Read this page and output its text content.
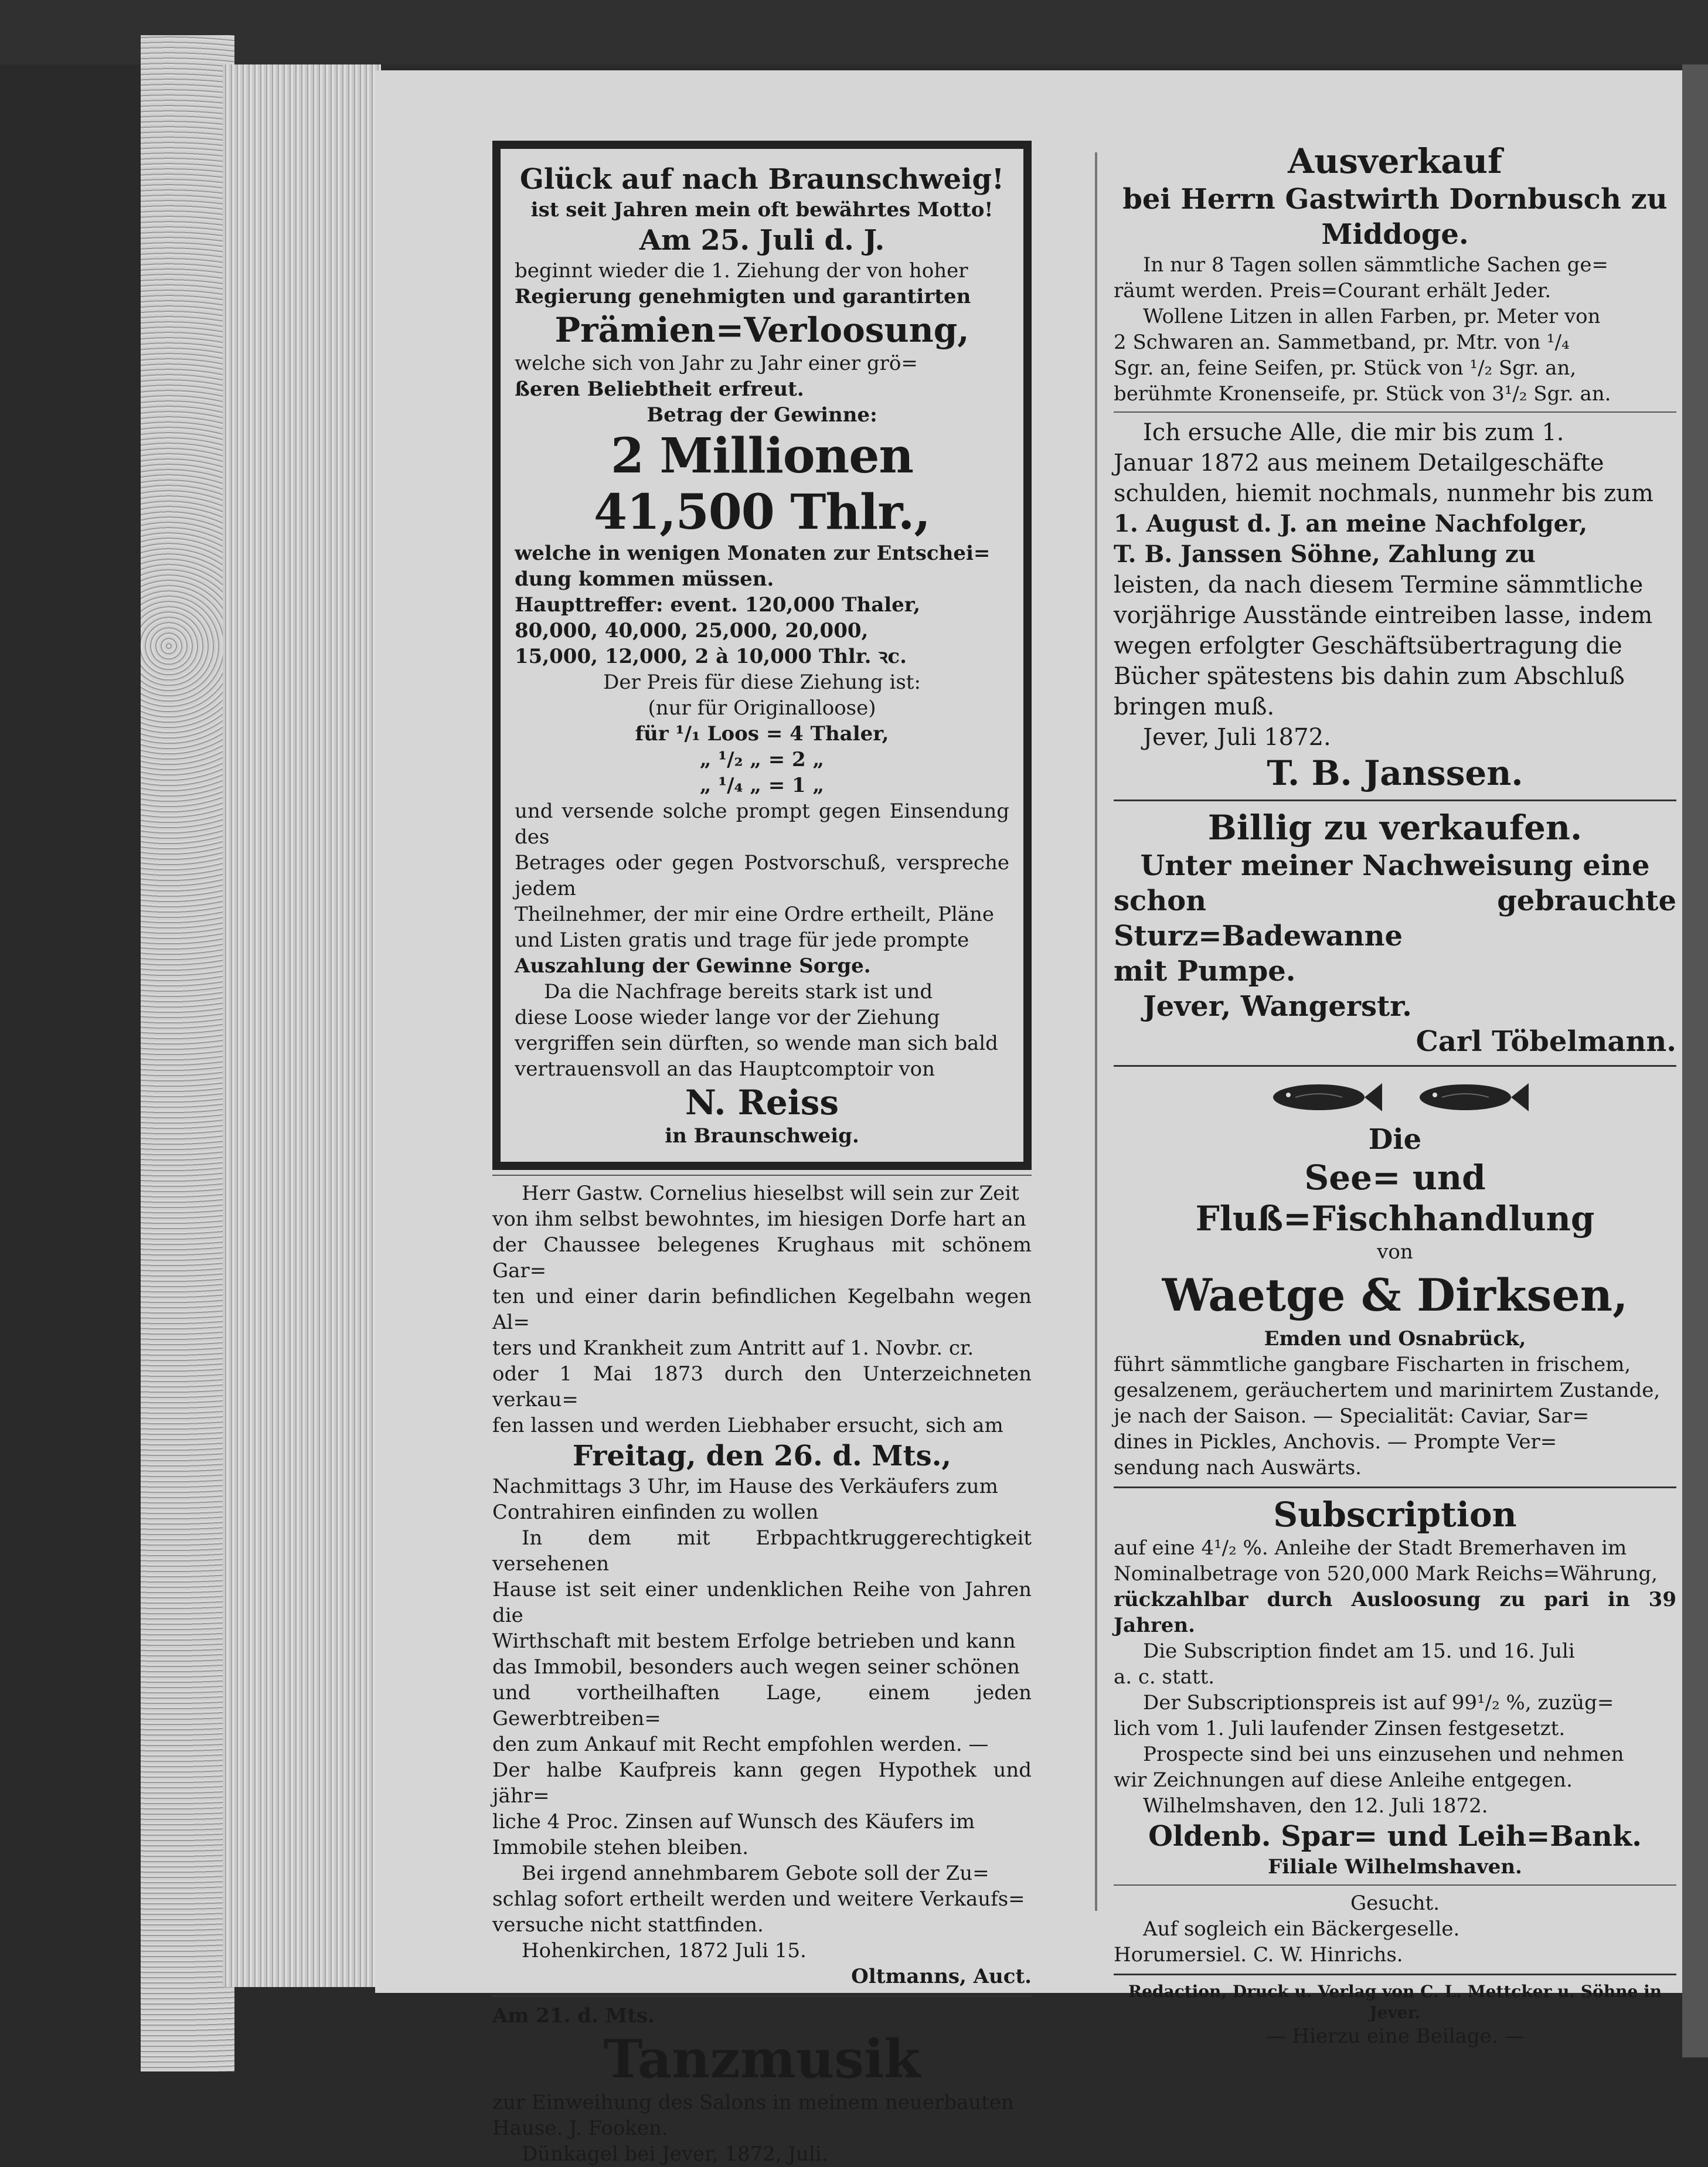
Glück auf nach Braunschweig!

ist seit Jahren mein oft bewährtes Motto!

Am 25. Juli d. J.

beginnt wieder die 1. Ziehung der von hoher

Regierung genehmigten und garantirten

Prämien=Verloosung,

welche sich von Jahr zu Jahr einer grö=

ßeren Beliebtheit erfreut.

Betrag der Gewinne:

2 Millionen 41,500 Thlr.,

welche in wenigen Monaten zur Entschei=

dung kommen müssen.

Haupttreffer: event. 120,000 Thaler,

80,000, 40,000, 25,000, 20,000,

15,000, 12,000, 2 à 10,000 Thlr. ꝛc.

Der Preis für diese Ziehung ist:

(nur für Originalloose)

für ¹/₁ Loos = 4 Thaler,

„ ¹/₂ „ = 2 „

„ ¹/₄ „ = 1 „

und versende solche prompt gegen Einsendung des

Betrages oder gegen Postvorschuß, verspreche jedem

Theilnehmer, der mir eine Ordre ertheilt, Pläne

und Listen gratis und trage für jede prompte

Auszahlung der Gewinne Sorge.

Da die Nachfrage bereits stark ist und

diese Loose wieder lange vor der Ziehung

vergriffen sein dürften, so wende man sich bald

vertrauensvoll an das Hauptcomptoir von

N. Reiss

in Braunschweig.

Herr Gastw. Cornelius hieselbst will sein zur Zeit

von ihm selbst bewohntes, im hiesigen Dorfe hart an

der Chaussee belegenes Krughaus mit schönem Gar=

ten und einer darin befindlichen Kegelbahn wegen Al=

ters und Krankheit zum Antritt auf 1. Novbr. cr.

oder 1 Mai 1873 durch den Unterzeichneten verkau=

fen lassen und werden Liebhaber ersucht, sich am

Freitag, den 26. d. Mts.,

Nachmittags 3 Uhr, im Hause des Verkäufers zum

Contrahiren einfinden zu wollen

In dem mit Erbpachtkruggerechtigkeit versehenen

Hause ist seit einer undenklichen Reihe von Jahren die

Wirthschaft mit bestem Erfolge betrieben und kann

das Immobil, besonders auch wegen seiner schönen

und vortheilhaften Lage, einem jeden Gewerbtreiben=

den zum Ankauf mit Recht empfohlen werden. —

Der halbe Kaufpreis kann gegen Hypothek und jähr=

liche 4 Proc. Zinsen auf Wunsch des Käufers im

Immobile stehen bleiben.

Bei irgend annehmbarem Gebote soll der Zu=

schlag sofort ertheilt werden und weitere Verkaufs=

versuche nicht stattfinden.

Hohenkirchen, 1872 Juli 15.

Oltmanns, Auct.

Am 21. d. Mts.

Tanzmusik

zur Einweihung des Salons in meinem neuerbauten

Hause. J. Fooken.

Dünkagel bei Jever, 1872, Juli.

Ausverkauf

bei Herrn Gastwirth Dornbusch zu

Middoge.

In nur 8 Tagen sollen sämmtliche Sachen ge=

räumt werden. Preis=Courant erhält Jeder.

Wollene Litzen in allen Farben, pr. Meter von

2 Schwaren an. Sammetband, pr. Mtr. von ¹/₄

Sgr. an, feine Seifen, pr. Stück von ¹/₂ Sgr. an,

berühmte Kronenseife, pr. Stück von 3¹/₂ Sgr. an.

Ich ersuche Alle, die mir bis zum 1.

Januar 1872 aus meinem Detailgeschäfte

schulden, hiemit nochmals, nunmehr bis zum

1. August d. J. an meine Nachfolger,

T. B. Janssen Söhne, Zahlung zu

leisten, da nach diesem Termine sämmtliche

vorjährige Ausstände eintreiben lasse, indem

wegen erfolgter Geschäftsübertragung die

Bücher spätestens bis dahin zum Abschluß

bringen muß.

Jever, Juli 1872.

T. B. Janssen.

Billig zu verkaufen.

Unter meiner Nachweisung eine

schon gebrauchte Sturz=Badewanne

mit Pumpe.

Jever, Wangerstr.

Carl Töbelmann.

Die

See= und Fluß=Fischhandlung

von

Waetge & Dirksen,

Emden und Osnabrück,

führt sämmtliche gangbare Fischarten in frischem,

gesalzenem, geräuchertem und marinirtem Zustande,

je nach der Saison. — Specialität: Caviar, Sar=

dines in Pickles, Anchovis. — Prompte Ver=

sendung nach Auswärts.

Subscription

auf eine 4¹/₂ %. Anleihe der Stadt Bremerhaven im

Nominalbetrage von 520,000 Mark Reichs=Währung,

rückzahlbar durch Ausloosung zu pari in 39 Jahren.

Die Subscription findet am 15. und 16. Juli

a. c. statt.

Der Subscriptionspreis ist auf 99¹/₂ %, zuzüg=

lich vom 1. Juli laufender Zinsen festgesetzt.

Prospecte sind bei uns einzusehen und nehmen

wir Zeichnungen auf diese Anleihe entgegen.

Wilhelmshaven, den 12. Juli 1872.

Oldenb. Spar= und Leih=Bank.

Filiale Wilhelmshaven.

Gesucht.

Auf sogleich ein Bäckergeselle.

Horumersiel. C. W. Hinrichs.

Redaction, Druck u. Verlag von C. L. Mettcker u. Söhne in Jever.

— Hierzu eine Beilage. —
